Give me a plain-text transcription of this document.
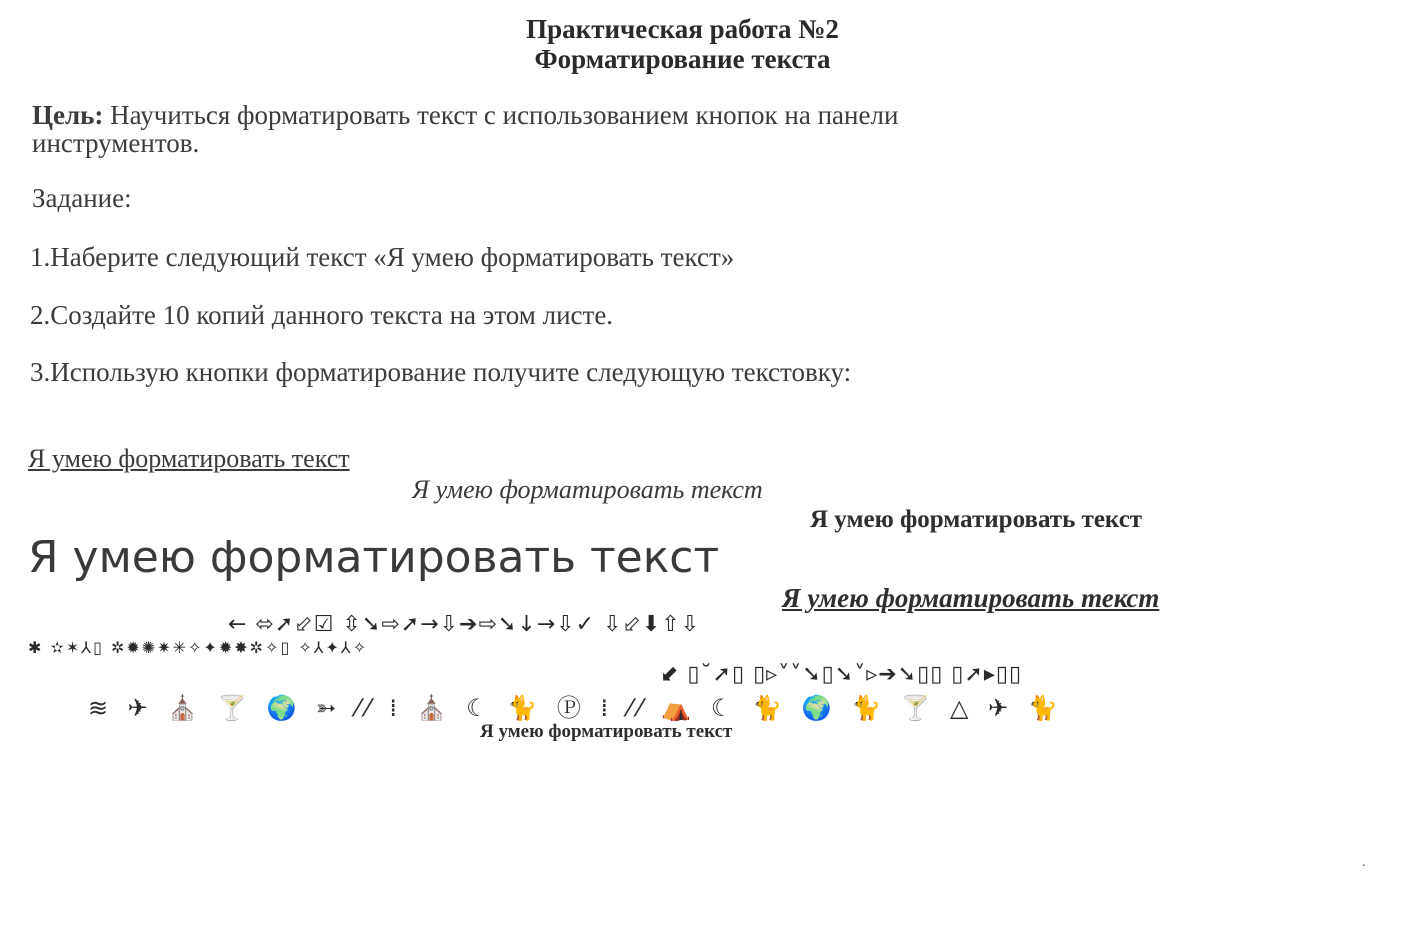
Практическая работа №2
Форматирование текста
Цель: Научиться форматировать текст с использованием кнопок на панели
инструментов.
Задание:
1.Наберите следующий текст «Я умею форматировать текст»
2.Создайте 10 копий данного текста на этом листе.
3.Использую кнопки форматирование получите следующую текстовку:
Я умею форматировать текст
Я умею форматировать текст
Я умею форматировать текст
Я умею форматировать текст
Я умею форматировать текст
← ⬄➚⬃☑ ⇳➘⇨➚→⇩➔⇨➘↓→⇩✓ ⇩⬃⬇⇧⇩
✱ ✫✶⅄▯ ✲✹✺✷✳✧✦✹✸✲✧▯ ✧⅄✦⅄✧
⬋ ▯˘➚▯ ▯▹˅˅➘▯➘˅▹➔➘▯▯ ▯➚▸▯▯
≋ ✈ ⛪ 🍸 🌍 ➳ ⁄⁄ ⁞ ⛪ ☾ 🐈 Ⓟ ⁞ ⁄⁄ ⛺ ☾ 🐈 🌍 🐈 🍸 △ ✈ 🐈
Я умею форматировать текст
.
